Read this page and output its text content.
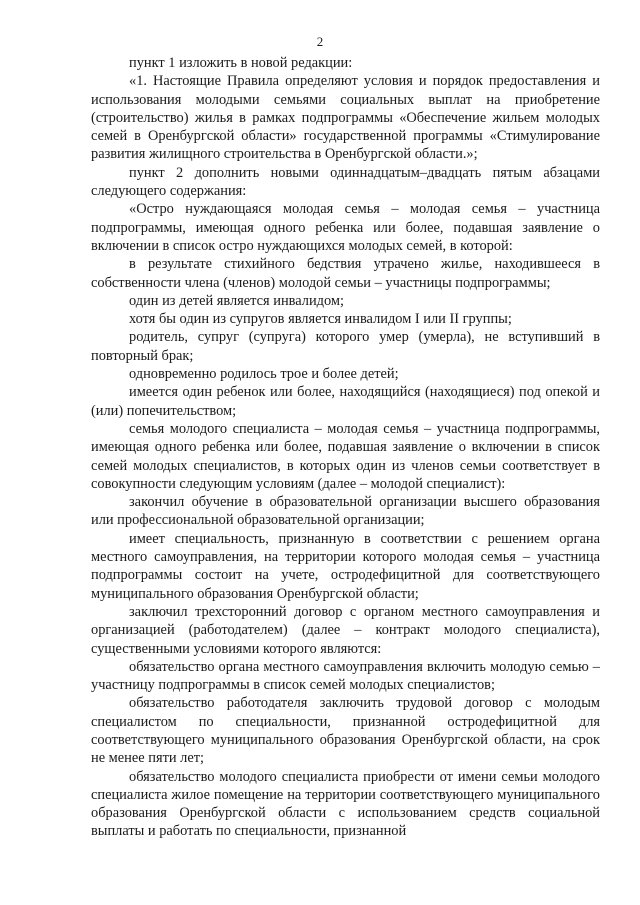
2

пункт 1 изложить в новой редакции:

«1. Настоящие Правила определяют условия и порядок предоставления и использования молодыми семьями социальных выплат на приобретение (строительство) жилья в рамках подпрограммы «Обеспечение жильем молодых семей в Оренбургской области» государственной программы «Стимулирование развития жилищного строительства в Оренбургской области.»;

пункт 2 дополнить новыми одиннадцатым–двадцать пятым абзацами следующего содержания:

«Остро нуждающаяся молодая семья – молодая семья – участница подпрограммы, имеющая одного ребенка или более, подавшая заявление о включении в список остро нуждающихся молодых семей, в которой:

в результате стихийного бедствия утрачено жилье, находившееся в собственности члена (членов) молодой семьи – участницы подпрограммы;

один из детей является инвалидом;

хотя бы один из супругов является инвалидом I или II группы;

родитель, супруг (супруга) которого умер (умерла), не вступивший в повторный брак;

одновременно родилось трое и более детей;

имеется один ребенок или более, находящийся (находящиеся) под опекой и (или) попечительством;

семья молодого специалиста – молодая семья – участница подпрограммы, имеющая одного ребенка или более, подавшая заявление о включении в список семей молодых специалистов, в которых один из членов семьи соответствует в совокупности следующим условиям (далее – молодой специалист):

закончил обучение в образовательной организации высшего образования или профессиональной образовательной организации;

имеет специальность, признанную в соответствии с решением органа местного самоуправления, на территории которого молодая семья – участница подпрограммы состоит на учете, остродефицитной для соответствующего муниципального образования Оренбургской области;

заключил трехсторонний договор с органом местного самоуправления и организацией (работодателем) (далее – контракт молодого специалиста), существенными условиями которого являются:

обязательство органа местного самоуправления включить молодую семью – участницу подпрограммы в список семей молодых специалистов;

обязательство работодателя заключить трудовой договор с молодым специалистом по специальности, признанной остродефицитной для соответствующего муниципального образования Оренбургской области, на срок не менее пяти лет;

обязательство молодого специалиста приобрести от имени семьи молодого специалиста жилое помещение на территории соответствующего муниципального образования Оренбургской области с использованием средств социальной выплаты и работать по специальности, признанной
